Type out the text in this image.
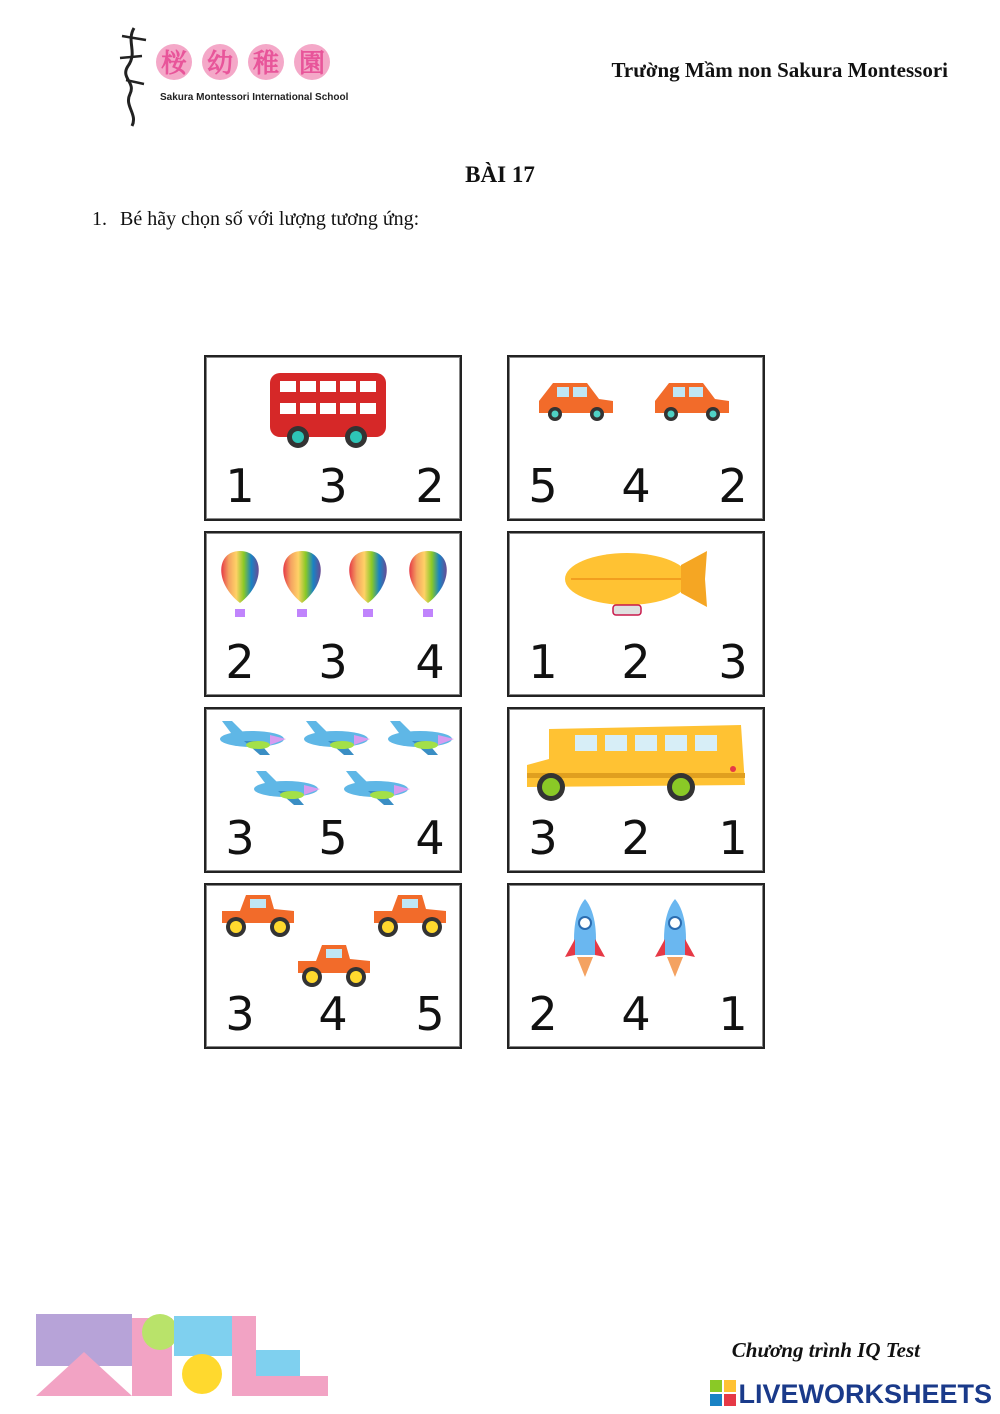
桜 幼 稚 園
Sakura Montessori International School
Trường Mầm non Sakura Montessori
BÀI 17
1. Bé hãy chọn số với lượng tương ứng:
1	3	2	5	4	2
2	3	4	1	2	3
3	5	4	3	2	1
3	4	5	2	4	1
Chương trình IQ Test
LIVEWORKSHEETS
